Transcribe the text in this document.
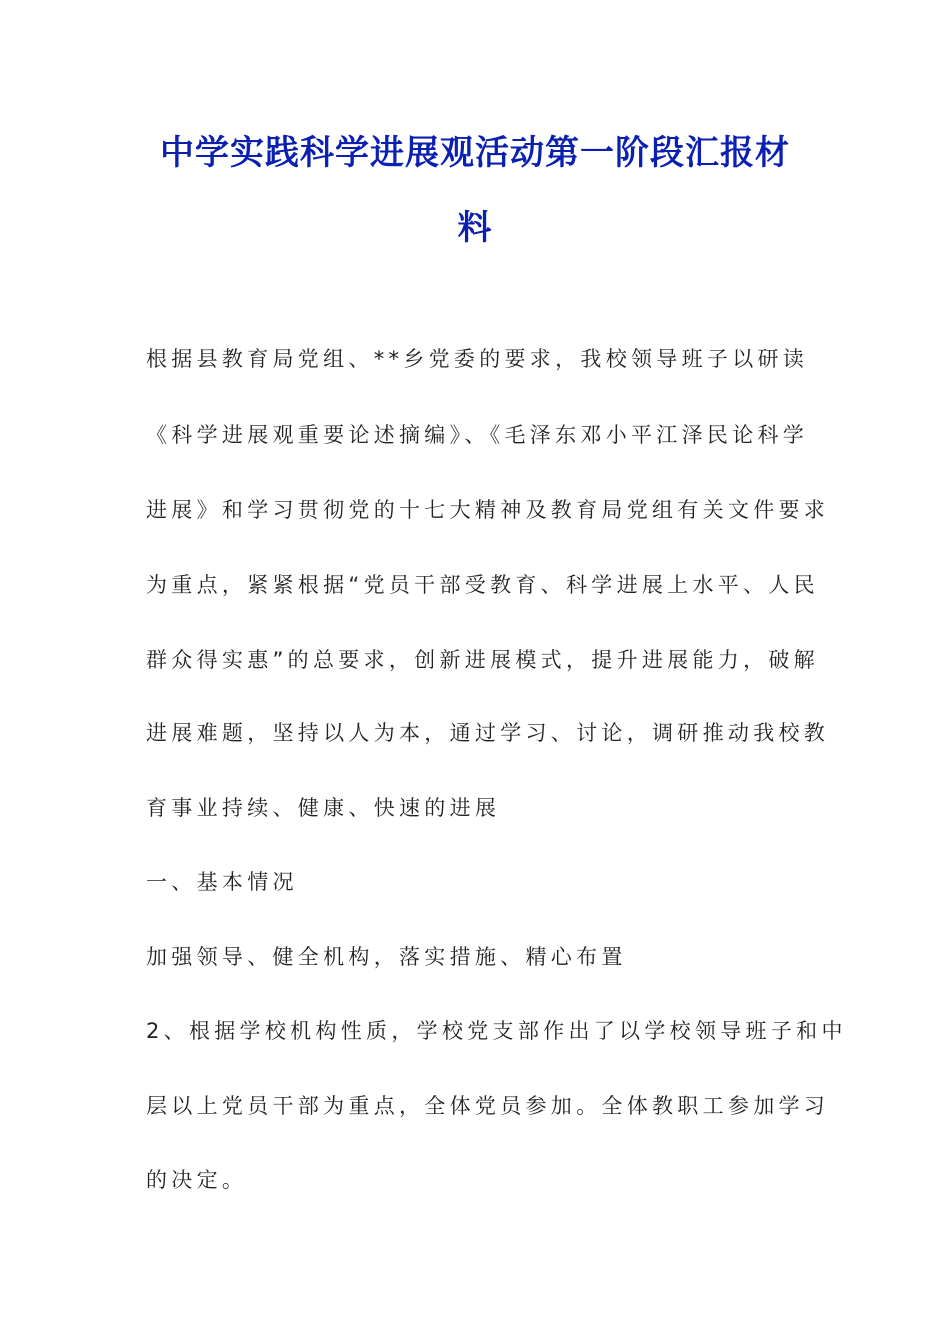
中学实践科学进展观活动第一阶段汇报材
料
根据县教育局党组、**乡党委的要求，我校领导班子以研读
《科学进展观重要论述摘编》、《毛泽东邓小平江泽民论科学
进展》和学习贯彻党的十七大精神及教育局党组有关文件要求
为重点，紧紧根据“党员干部受教育、科学进展上水平、人民
群众得实惠”的总要求，创新进展模式，提升进展能力，破解
进展难题，坚持以人为本，通过学习、讨论，调研推动我校教
育事业持续、健康、快速的进展
一、基本情况
加强领导、健全机构，落实措施、精心布置
2、根据学校机构性质，学校党支部作出了以学校领导班子和中
层以上党员干部为重点，全体党员参加。全体教职工参加学习
的决定。
